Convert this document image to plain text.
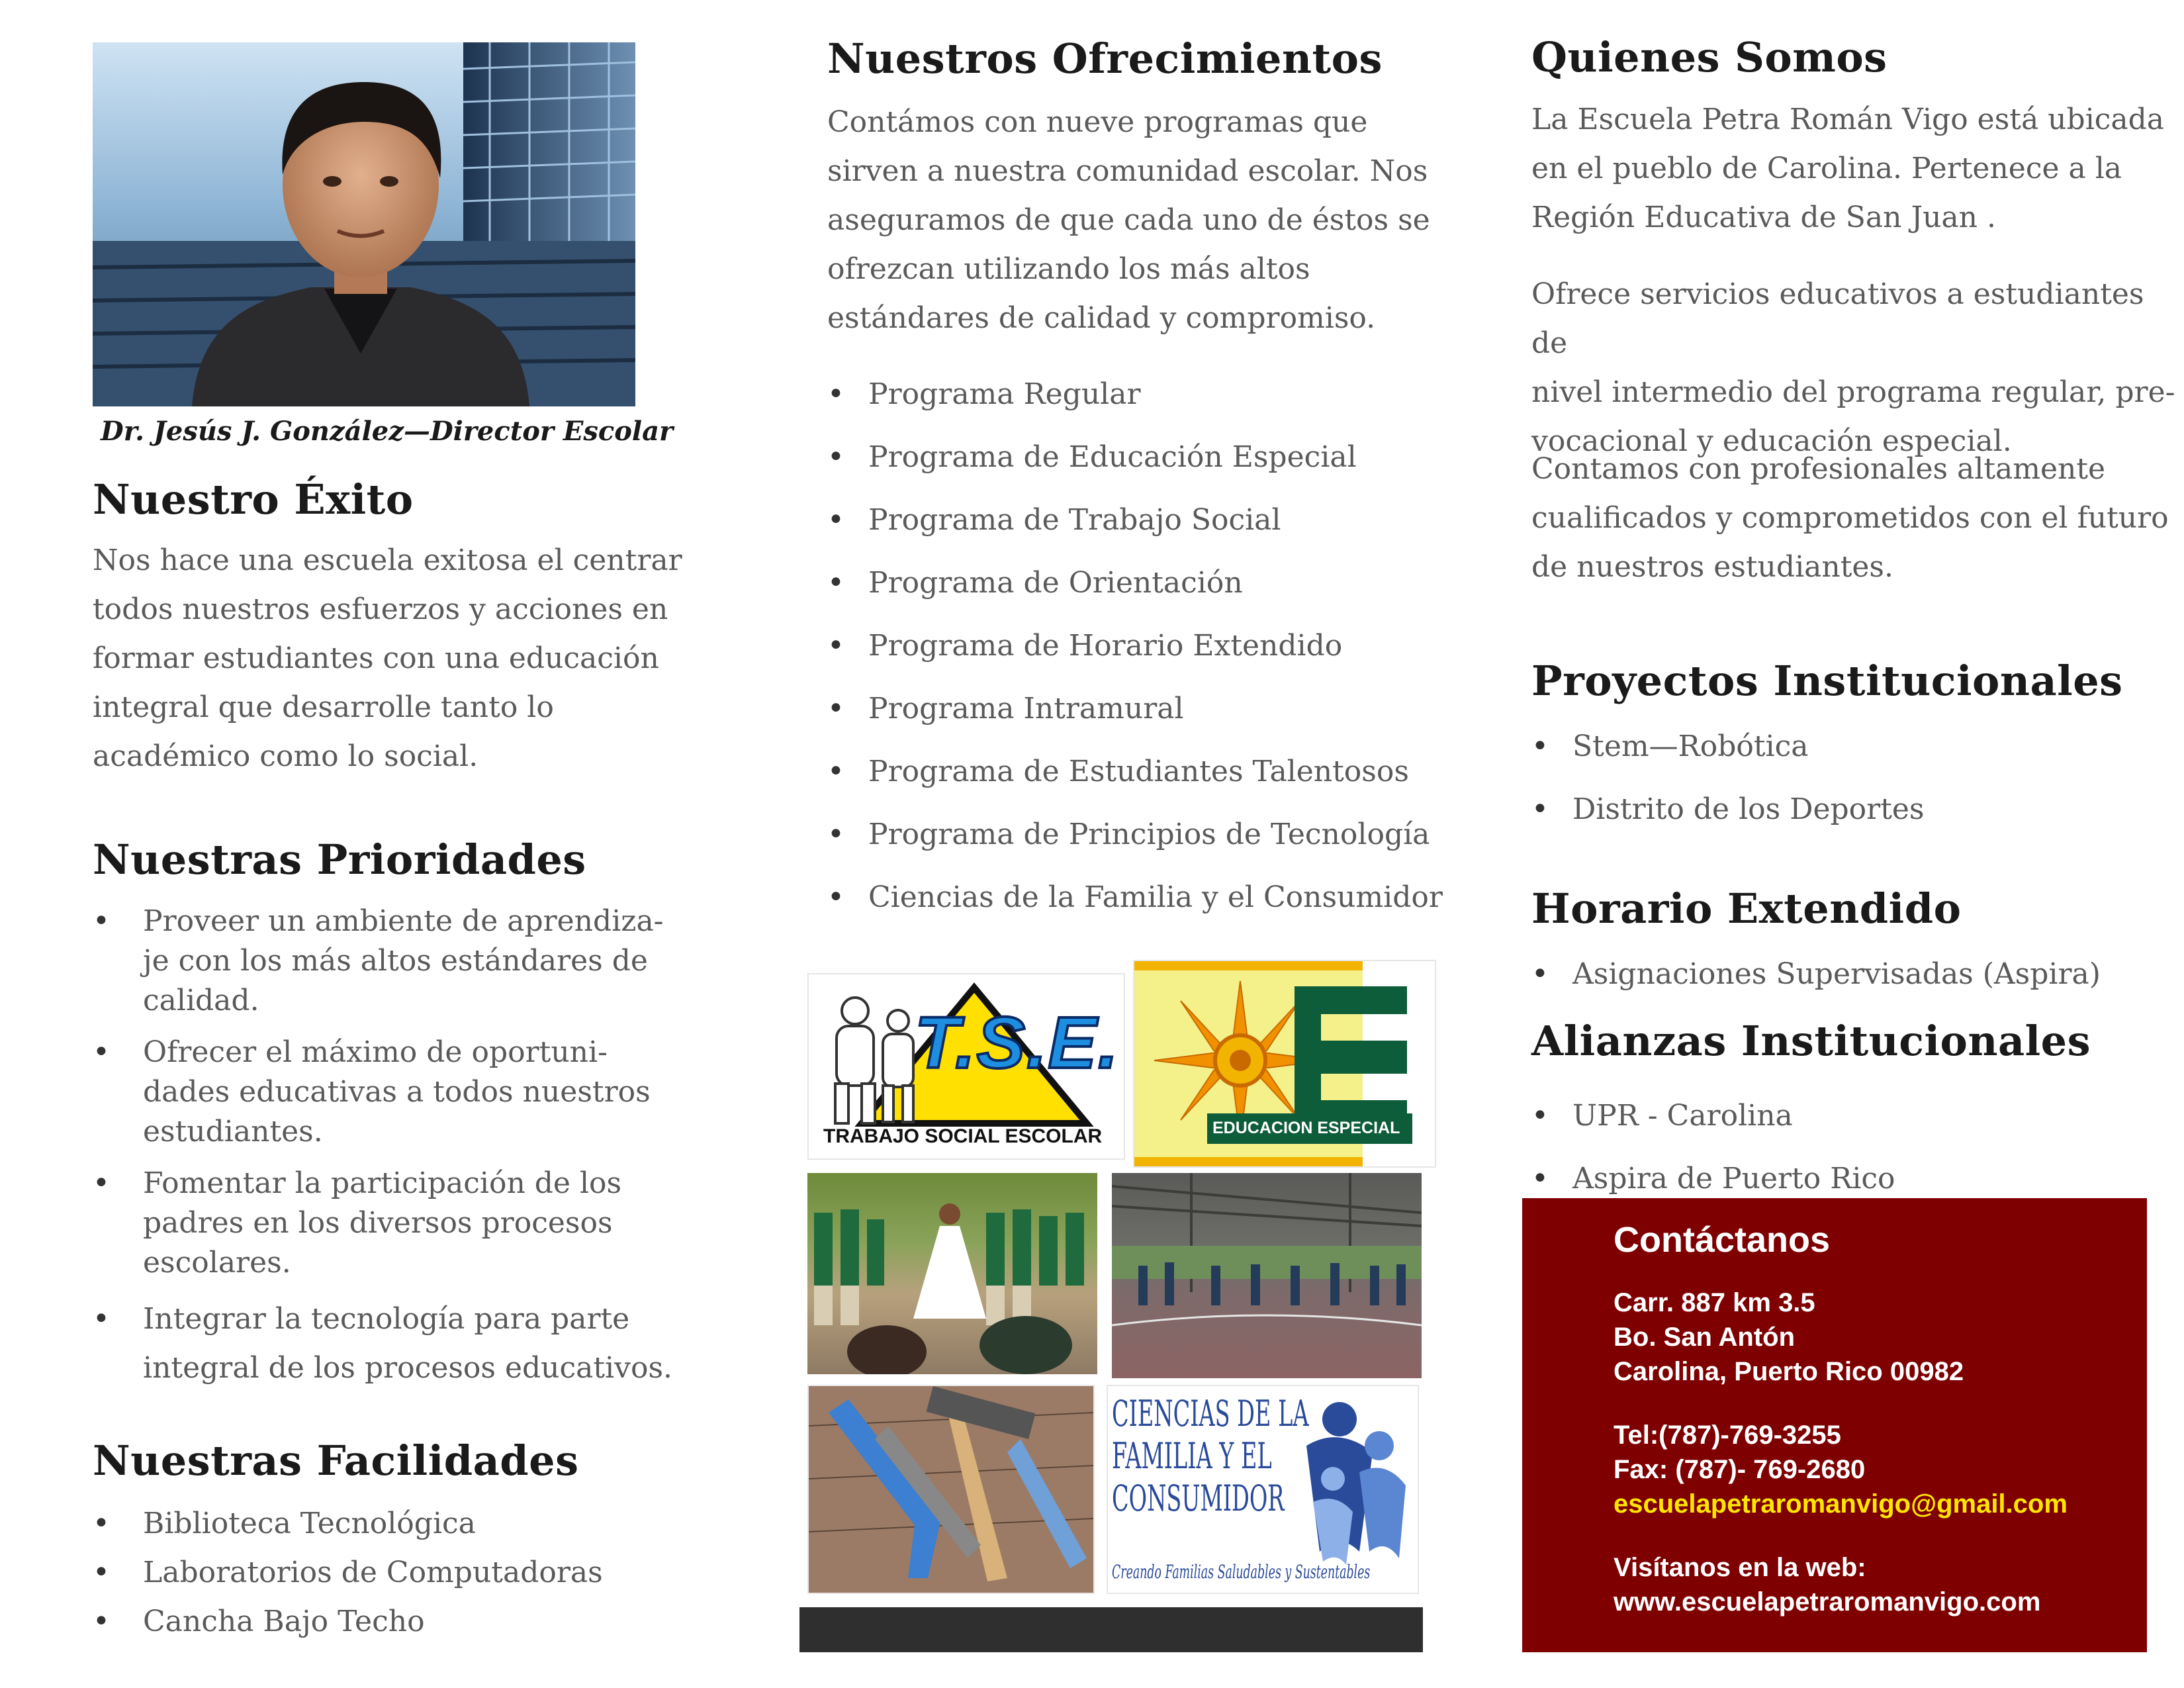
Dr. Jesús J. González—Director Escolar
Nuestro Éxito
Nos hace una escuela exitosa el centrar
todos nuestros esfuerzos y acciones en
formar estudiantes con una educación
integral que desarrolle tanto lo
académico como lo social.
Nuestras Prioridades
• Proveer un ambiente de aprendiza-
je con los más altos estándares de
calidad.
• Ofrecer el máximo de oportuni-
dades educativas a todos nuestros
estudiantes.
• Fomentar la participación de los
padres en los diversos procesos
escolares.
• Integrar la tecnología para parte
integral de los procesos educativos.
Nuestras Facilidades
• Biblioteca Tecnológica
• Laboratorios de Computadoras
• Cancha Bajo Techo
Nuestros Ofrecimientos
Contámos con nueve programas que
sirven a nuestra comunidad escolar. Nos
aseguramos de que cada uno de éstos se
ofrezcan utilizando los más altos
estándares de calidad y compromiso.
• Programa Regular
• Programa de Educación Especial
• Programa de Trabajo Social
• Programa de Orientación
• Programa de Horario Extendido
• Programa Intramural
• Programa de Estudiantes Talentosos
• Programa de Principios de Tecnología
• Ciencias de la Familia y el Consumidor
T.S.E.
TRABAJO SOCIAL ESCOLAR	EDUCACION ESPECIAL
CIENCIAS DE LA
FAMILIA Y EL
CONSUMIDOR
Creando Familias Saludables y Sustentables
Quienes Somos
La Escuela Petra Román Vigo está ubicada
en el pueblo de Carolina. Pertenece a la
Región Educativa de San Juan .
Ofrece servicios educativos a estudiantes de
nivel intermedio del programa regular, pre-
vocacional y educación especial.
Contamos con profesionales altamente
cualificados y comprometidos con el futuro
de nuestros estudiantes.
Proyectos Institucionales
• Stem—Robótica
• Distrito de los Deportes
Horario Extendido
• Asignaciones Supervisadas (Aspira)
Alianzas Institucionales
• UPR - Carolina
• Aspira de Puerto Rico
Contáctanos
Carr. 887 km 3.5
Bo. San Antón
Carolina, Puerto Rico 00982
Tel:(787)-769-3255
Fax: (787)- 769-2680
escuelapetraromanvigo@gmail.com
Visítanos en la web:
www.escuelapetraromanvigo.com
